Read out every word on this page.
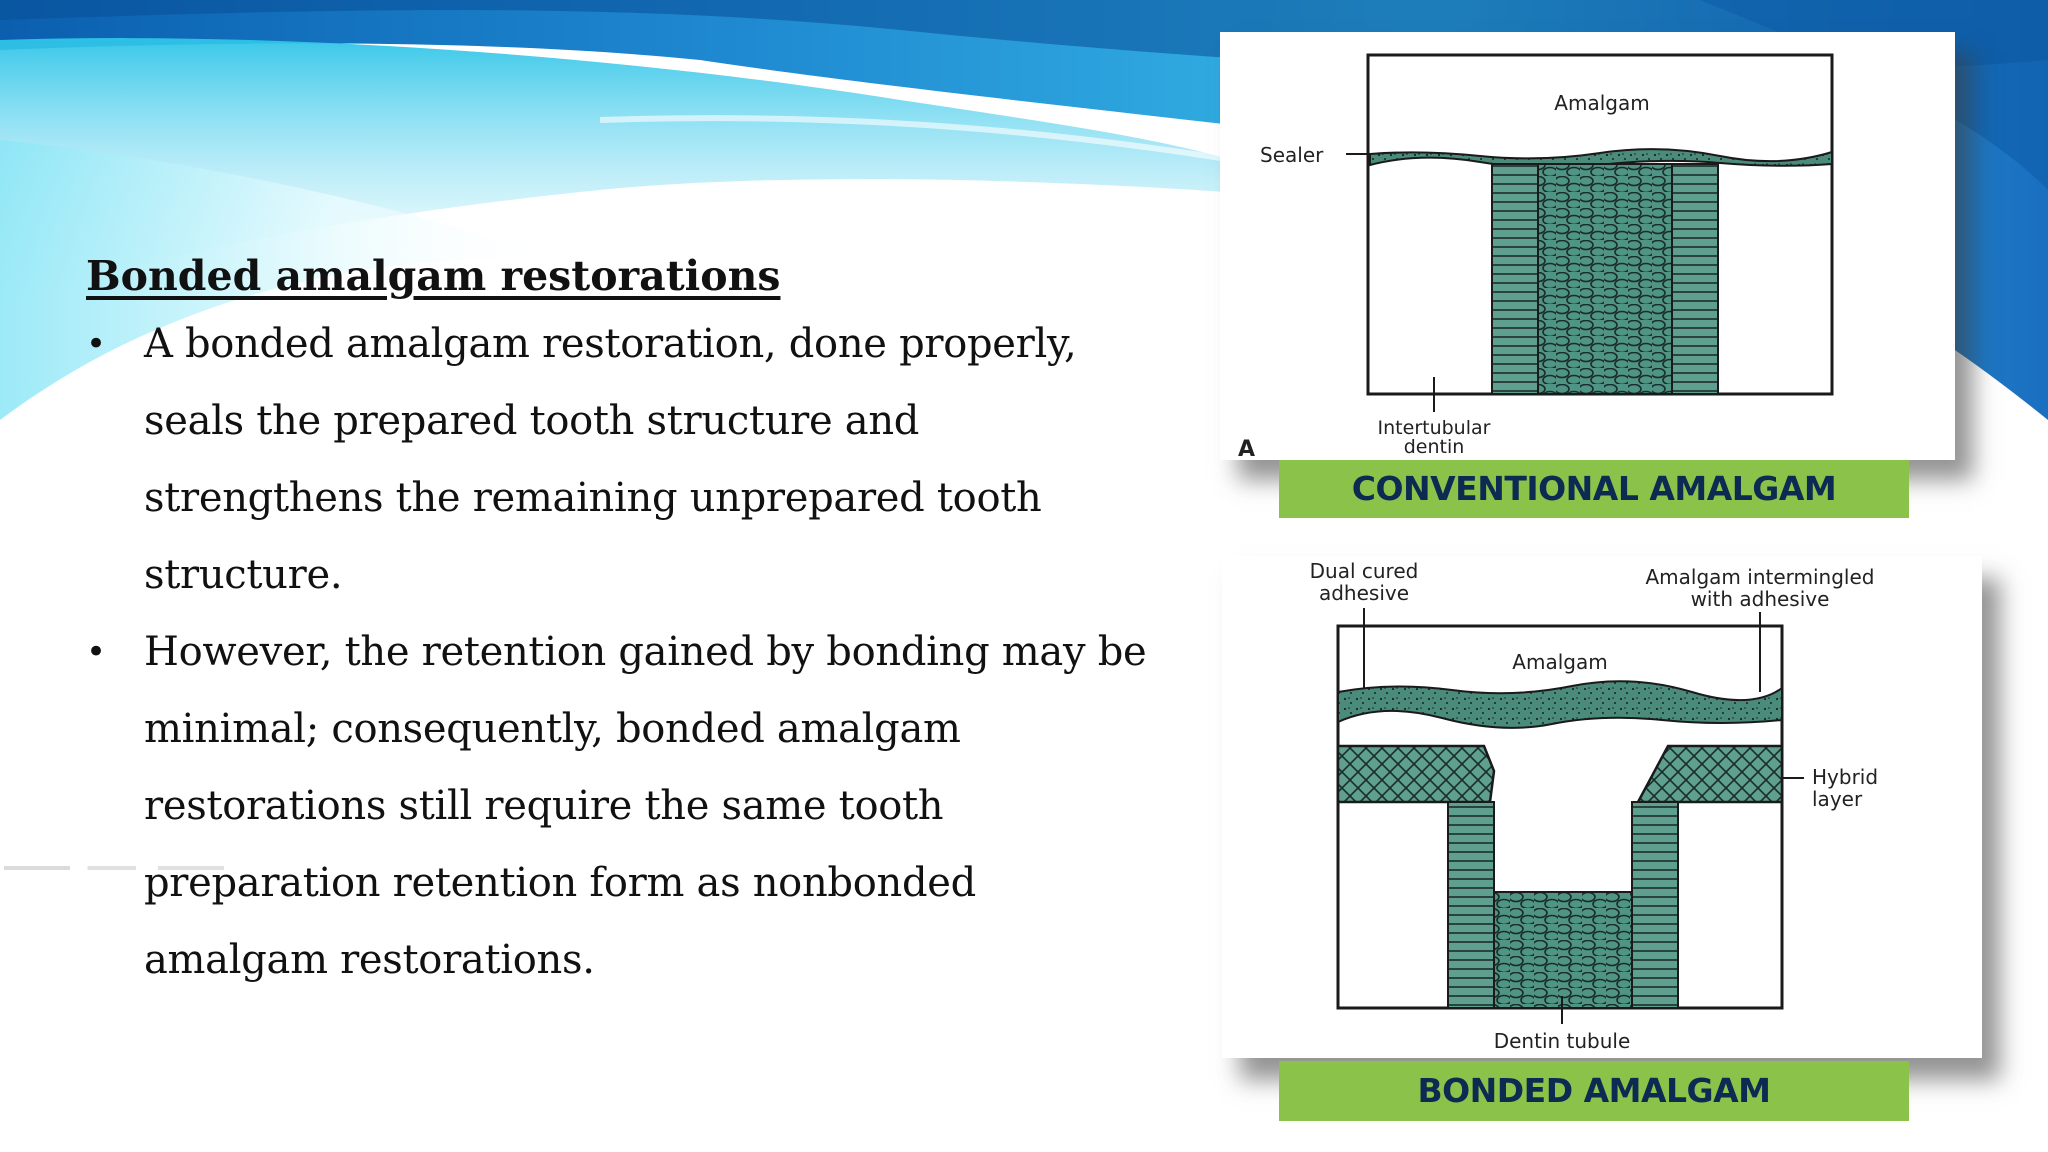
Bonded amalgam restorations
• A bonded amalgam restoration, done properly, seals the prepared tooth structure and strengthens the remaining unprepared tooth structure.
• However, the retention gained by bonding may be minimal; consequently, bonded amalgam restorations still require the same tooth preparation retention form as nonbonded amalgam restorations.
Amalgam
Sealer
Intertubular
dentin
A
CONVENTIONAL AMALGAM
Dual cured
adhesive
Amalgam intermingled
with adhesive
Amalgam
Hybrid
layer
Dentin tubule
BONDED AMALGAM
